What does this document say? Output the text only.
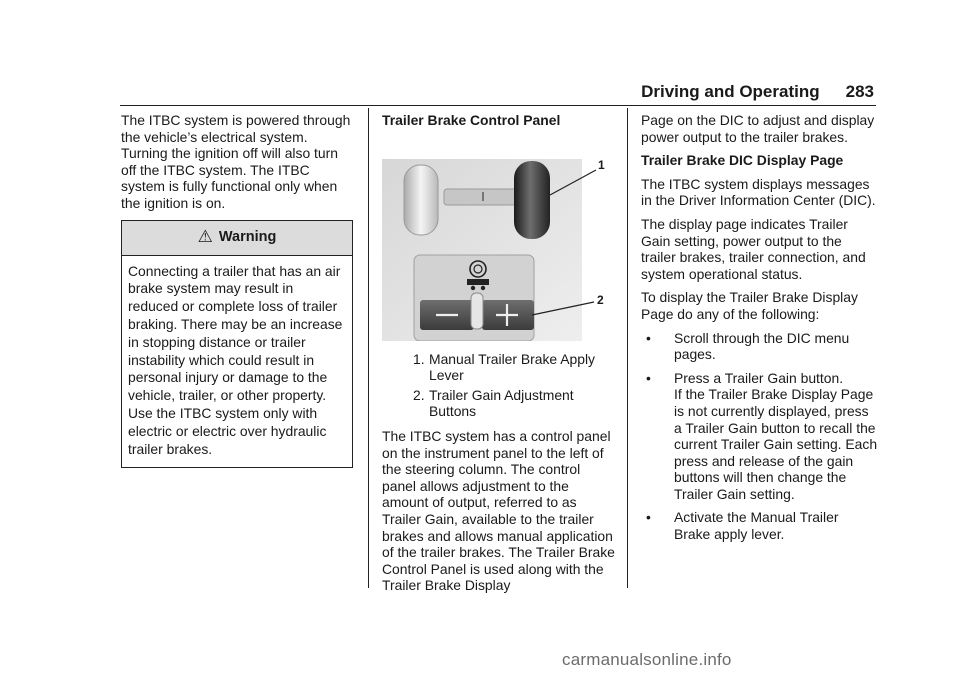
Driving and Operating 283

The ITBC system is powered through the vehicle’s electrical system. Turning the ignition off will also turn off the ITBC system. The ITBC system is fully functional only when the ignition is on.

⚠ Warning
Connecting a trailer that has an air brake system may result in reduced or complete loss of trailer braking. There may be an increase in stopping distance or trailer instability which could result in personal injury or damage to the vehicle, trailer, or other property. Use the ITBC system only with electric or electric over hydraulic trailer brakes.

Trailer Brake Control Panel

1
2
1. Manual Trailer Brake Apply Lever
2. Trailer Gain Adjustment Buttons

The ITBC system has a control panel on the instrument panel to the left of the steering column. The control panel allows adjustment to the amount of output, referred to as Trailer Gain, available to the trailer brakes and allows manual application of the trailer brakes. The Trailer Brake Control Panel is used along with the Trailer Brake Display

Page on the DIC to adjust and display power output to the trailer brakes.

Trailer Brake DIC Display Page

The ITBC system displays messages in the Driver Information Center (DIC).

The display page indicates Trailer Gain setting, power output to the trailer brakes, trailer connection, and system operational status.

To display the Trailer Brake Display Page do any of the following:

• Scroll through the DIC menu pages.
• Press a Trailer Gain button.
If the Trailer Brake Display Page is not currently displayed, press a Trailer Gain button to recall the current Trailer Gain setting. Each press and release of the gain buttons will then change the Trailer Gain setting.
• Activate the Manual Trailer Brake apply lever.
carmanualsonline.info
